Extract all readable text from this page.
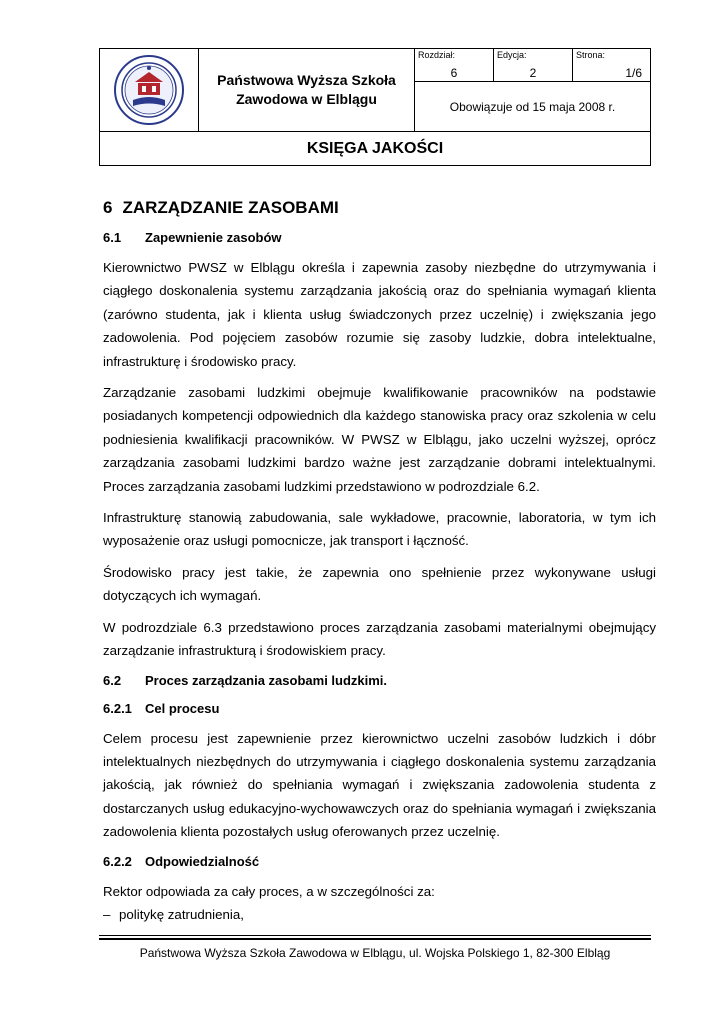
Państwowa Wyższa Szkoła
Zawodowa w Elblągu
Rozdział:
6
Edycja:
2
Strona:
1/6
Obowiązuje od 15 maja 2008 r.
KSIĘGA JAKOŚCI
6 ZARZĄDZANIE ZASOBAMI
6.1 Zapewnienie zasobów

Kierownictwo PWSZ w Elblągu określa i zapewnia zasoby niezbędne do utrzymywania i ciągłego doskonalenia systemu zarządzania jakością oraz do spełniania wymagań klienta (zarówno studenta, jak i klienta usług świadczonych przez uczelnię) i zwiększania jego zadowolenia. Pod pojęciem zasobów rozumie się zasoby ludzkie, dobra intelektualne, infrastrukturę i środowisko pracy.

Zarządzanie zasobami ludzkimi obejmuje kwalifikowanie pracowników na podstawie posiadanych kompetencji odpowiednich dla każdego stanowiska pracy oraz szkolenia w celu podniesienia kwalifikacji pracowników. W PWSZ w Elblągu, jako uczelni wyższej, oprócz zarządzania zasobami ludzkimi bardzo ważne jest zarządzanie dobrami intelektualnymi. Proces zarządzania zasobami ludzkimi przedstawiono w podrozdziale 6.2.

Infrastrukturę stanowią zabudowania, sale wykładowe, pracownie, laboratoria, w tym ich wyposażenie oraz usługi pomocnicze, jak transport i łączność.

Środowisko pracy jest takie, że zapewnia ono spełnienie przez wykonywane usługi dotyczących ich wymagań.

W podrozdziale 6.3 przedstawiono proces zarządzania zasobami materialnymi obejmujący zarządzanie infrastrukturą i środowiskiem pracy.

6.2 Proces zarządzania zasobami ludzkimi.
6.2.1 Cel procesu

Celem procesu jest zapewnienie przez kierownictwo uczelni zasobów ludzkich i dóbr intelektualnych niezbędnych do utrzymywania i ciągłego doskonalenia systemu zarządzania jakością, jak również do spełniania wymagań i zwiększania zadowolenia studenta z dostarczanych usług edukacyjno-wychowawczych oraz do spełniania wymagań i zwiększania zadowolenia klienta pozostałych usług oferowanych przez uczelnię.

6.2.2 Odpowiedzialność

Rektor odpowiada za cały proces, a w szczególności za:

– politykę zatrudnienia,
Państwowa Wyższa Szkoła Zawodowa w Elblągu, ul. Wojska Polskiego 1, 82-300 Elbląg
